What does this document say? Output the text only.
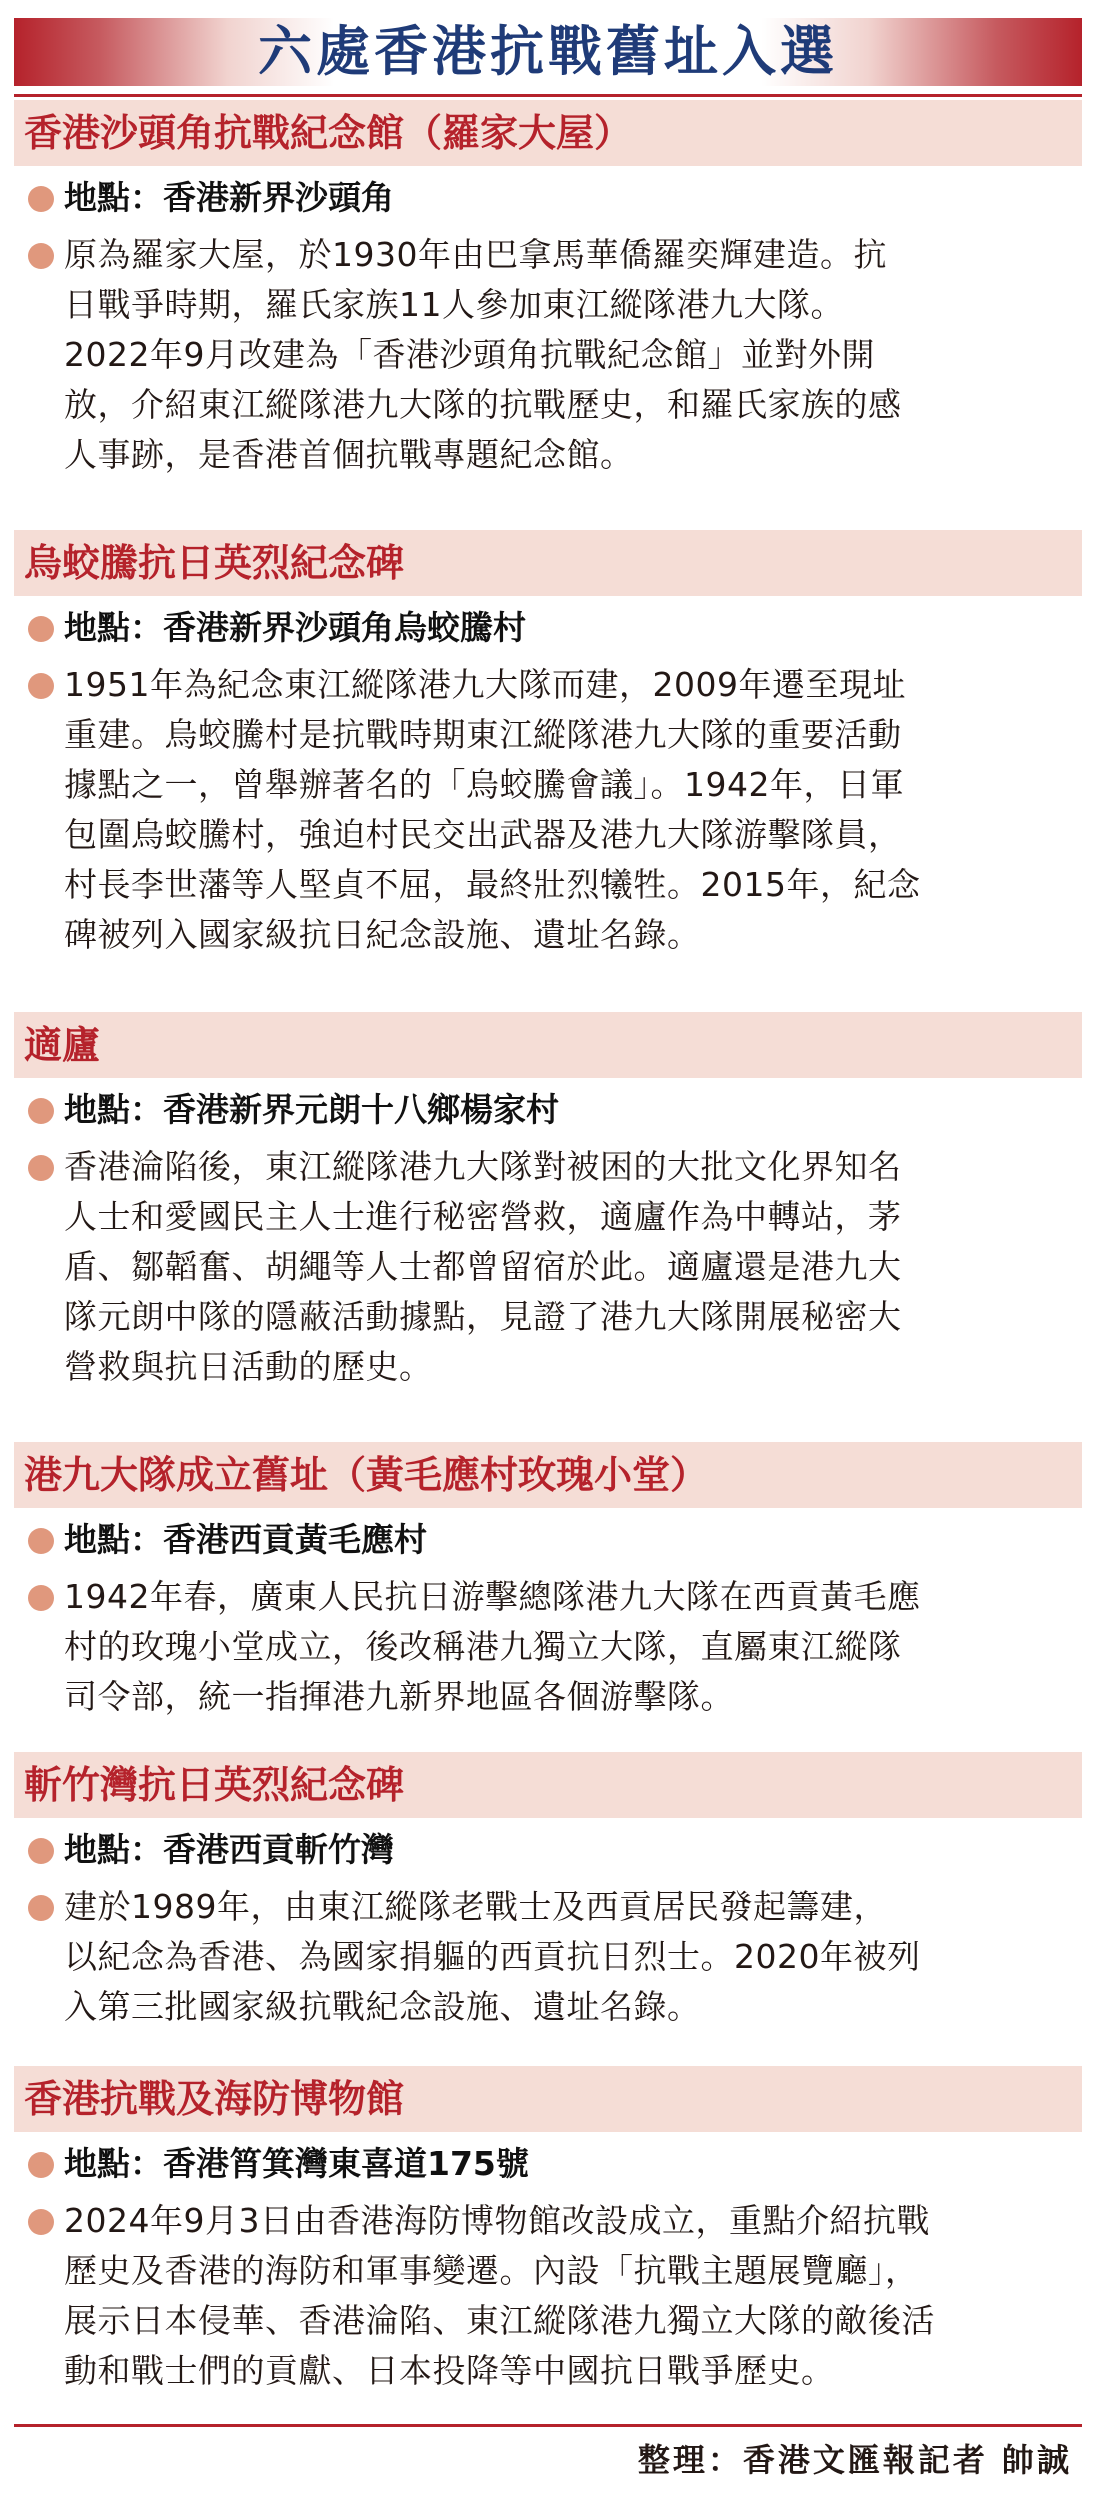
六處香港抗戰舊址入選
香港沙頭角抗戰紀念館（羅家大屋）
地點：香港新界沙頭角
原為羅家大屋，於1930年由巴拿馬華僑羅奕輝建造。抗
日戰爭時期，羅氏家族11人參加東江縱隊港九大隊。
2022年9月改建為「香港沙頭角抗戰紀念館」並對外開
放，介紹東江縱隊港九大隊的抗戰歷史，和羅氏家族的感
人事跡，是香港首個抗戰專題紀念館。
烏蛟騰抗日英烈紀念碑
地點：香港新界沙頭角烏蛟騰村
1951年為紀念東江縱隊港九大隊而建，2009年遷至現址
重建。烏蛟騰村是抗戰時期東江縱隊港九大隊的重要活動
據點之一，曾舉辦著名的「烏蛟騰會議」。1942年，日軍
包圍烏蛟騰村，強迫村民交出武器及港九大隊游擊隊員，
村長李世藩等人堅貞不屈，最終壯烈犧牲。2015年，紀念
碑被列入國家級抗日紀念設施、遺址名錄。
適廬
地點：香港新界元朗十八鄉楊家村
香港淪陷後，東江縱隊港九大隊對被困的大批文化界知名
人士和愛國民主人士進行秘密營救，適廬作為中轉站，茅
盾、鄒韜奮、胡繩等人士都曾留宿於此。適廬還是港九大
隊元朗中隊的隱蔽活動據點，見證了港九大隊開展秘密大
營救與抗日活動的歷史。
港九大隊成立舊址（黃毛應村玫瑰小堂）
地點：香港西貢黃毛應村
1942年春，廣東人民抗日游擊總隊港九大隊在西貢黃毛應
村的玫瑰小堂成立，後改稱港九獨立大隊，直屬東江縱隊
司令部，統一指揮港九新界地區各個游擊隊。
斬竹灣抗日英烈紀念碑
地點：香港西貢斬竹灣
建於1989年，由東江縱隊老戰士及西貢居民發起籌建，
以紀念為香港、為國家捐軀的西貢抗日烈士。2020年被列
入第三批國家級抗戰紀念設施、遺址名錄。
香港抗戰及海防博物館
地點：香港筲箕灣東喜道175號
2024年9月3日由香港海防博物館改設成立，重點介紹抗戰
歷史及香港的海防和軍事變遷。內設「抗戰主題展覽廳」，
展示日本侵華、香港淪陷、東江縱隊港九獨立大隊的敵後活
動和戰士們的貢獻、日本投降等中國抗日戰爭歷史。
整理：香港文匯報記者 帥誠
